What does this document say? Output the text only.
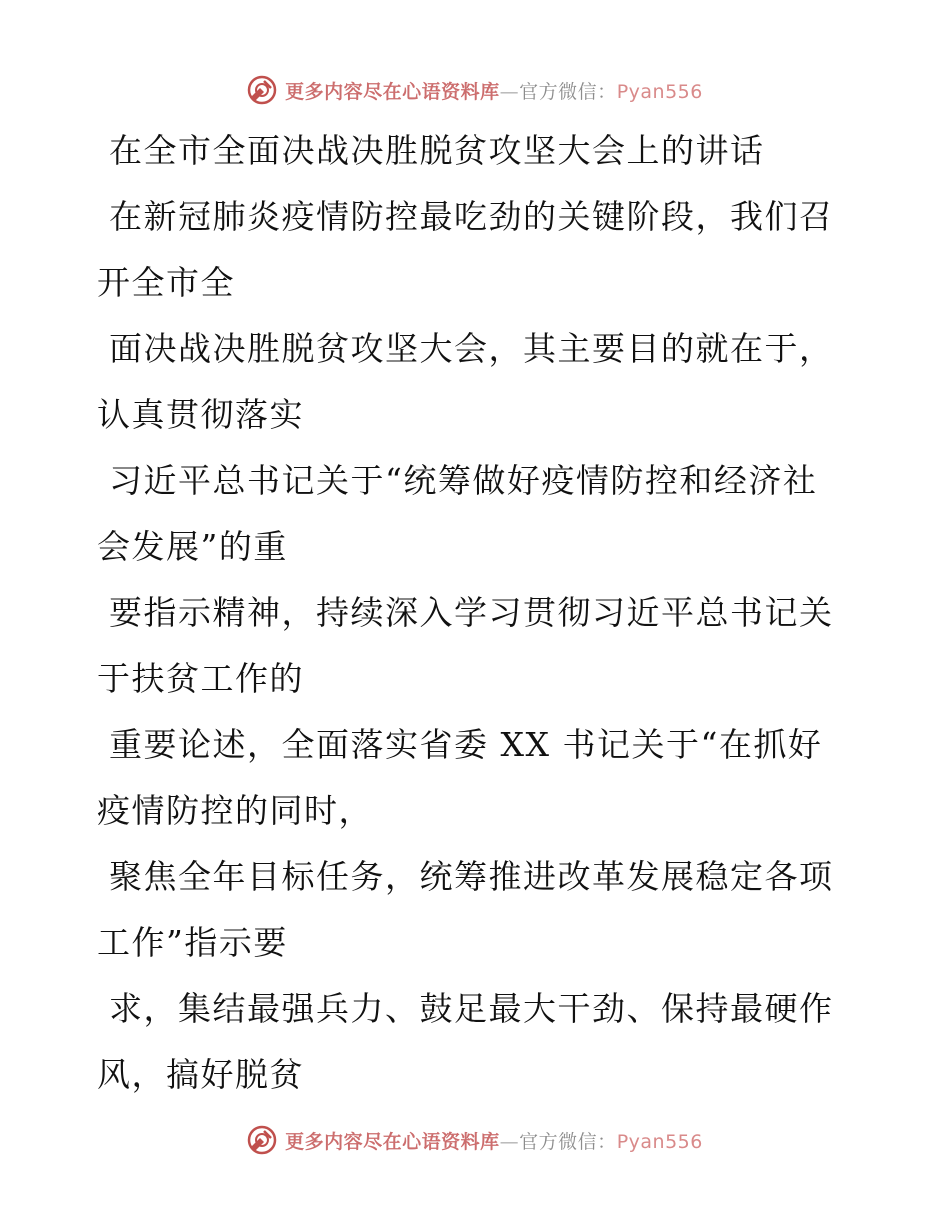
更多内容尽在心语资料库—官方微信：Pyan556
在全市全面决战决胜脱贫攻坚大会上的讲话
在新冠肺炎疫情防控最吃劲的关键阶段，我们召
开全市全
面决战决胜脱贫攻坚大会，其主要目的就在于，
认真贯彻落实
习近平总书记关于“统筹做好疫情防控和经济社
会发展”的重
要指示精神，持续深入学习贯彻习近平总书记关
于扶贫工作的
重要论述，全面落实省委 XX 书记关于“在抓好
疫情防控的同时，
聚焦全年目标任务，统筹推进改革发展稳定各项
工作”指示要
求，集结最强兵力、鼓足最大干劲、保持最硬作
风，搞好脱贫
更多内容尽在心语资料库—官方微信：Pyan556
